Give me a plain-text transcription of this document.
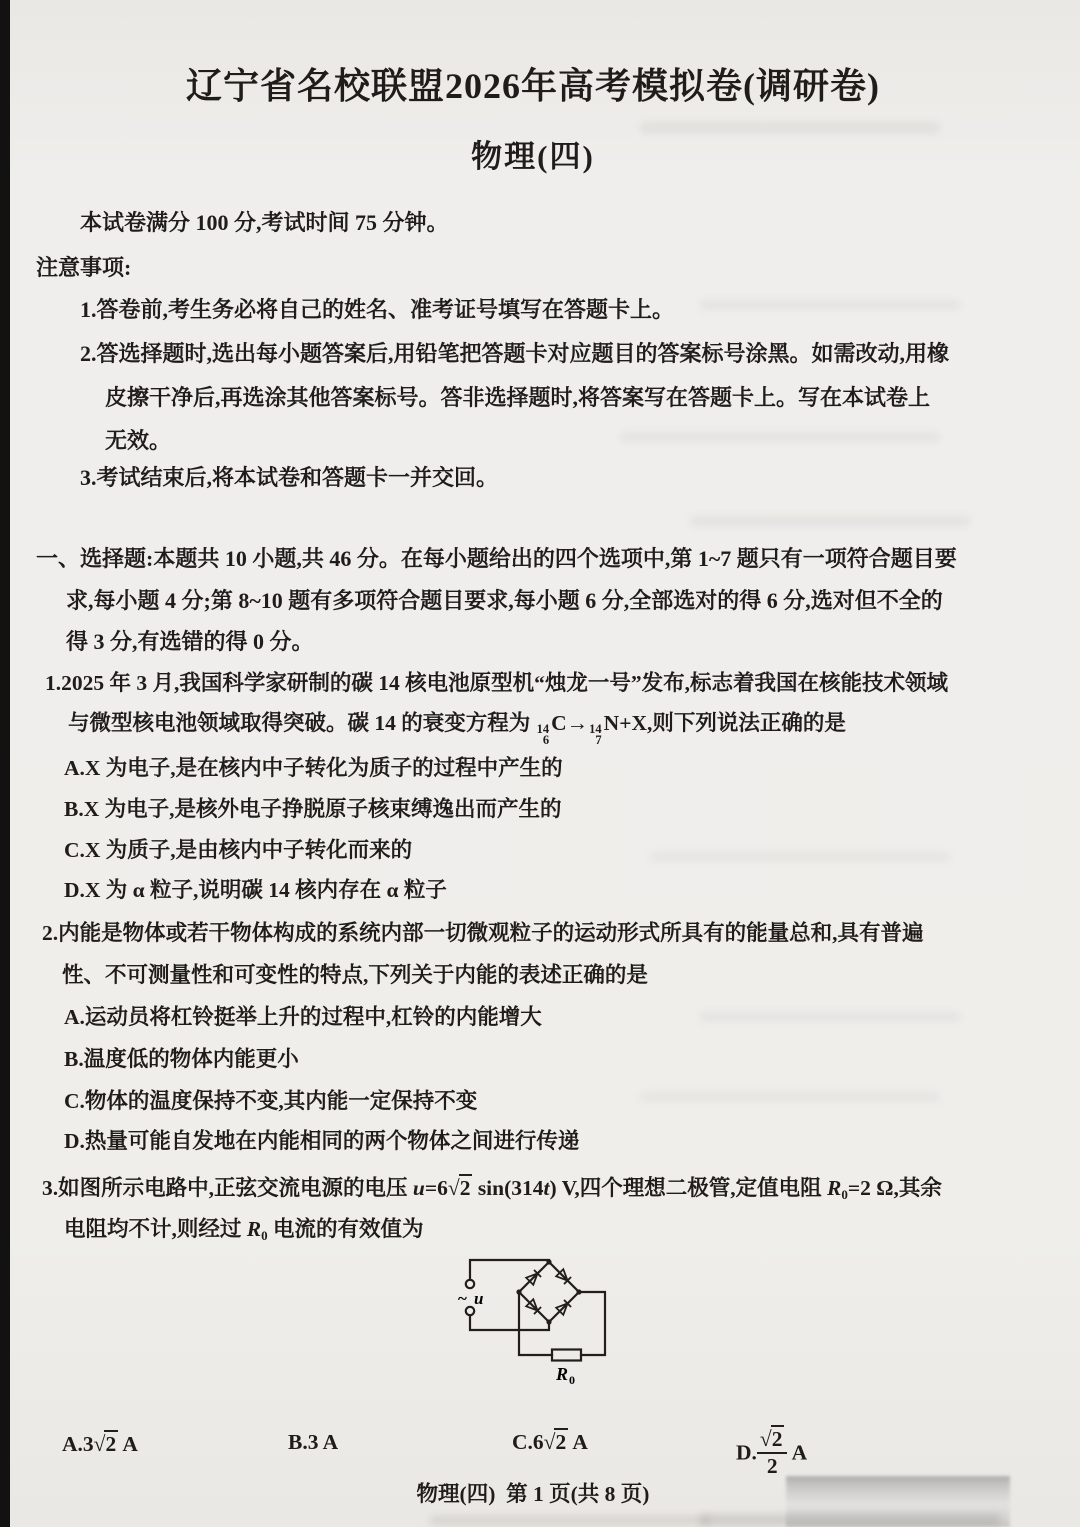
辽宁省名校联盟2026年高考模拟卷(调研卷)
物理(四)
本试卷满分 100 分,考试时间 75 分钟。
注意事项:
1.答卷前,考生务必将自己的姓名、准考证号填写在答题卡上。
2.答选择题时,选出每小题答案后,用铅笔把答题卡对应题目的答案标号涂黑。如需改动,用橡
皮擦干净后,再选涂其他答案标号。答非选择题时,将答案写在答题卡上。写在本试卷上
无效。
3.考试结束后,将本试卷和答题卡一并交回。
一、选择题:本题共 10 小题,共 46 分。在每小题给出的四个选项中,第 1~7 题只有一项符合题目要
求,每小题 4 分;第 8~10 题有多项符合题目要求,每小题 6 分,全部选对的得 6 分,选对但不全的
得 3 分,有选错的得 0 分。
1.2025 年 3 月,我国科学家研制的碳 14 核电池原型机“烛龙一号”发布,标志着我国在核能技术领域
与微型核电池领域取得突破。碳 14 的衰变方程为 14
6
C→ 14
7
N+X,则下列说法正确的是
A.X 为电子,是在核内中子转化为质子的过程中产生的
B.X 为电子,是核外电子挣脱原子核束缚逸出而产生的
C.X 为质子,是由核内中子转化而来的
D.X 为 α 粒子,说明碳 14 核内存在 α 粒子
2.内能是物体或若干物体构成的系统内部一切微观粒子的运动形式所具有的能量总和,具有普遍
性、不可测量性和可变性的特点,下列关于内能的表述正确的是
A.运动员将杠铃挺举上升的过程中,杠铃的内能增大
B.温度低的物体内能更小
C.物体的温度保持不变,其内能一定保持不变
D.热量可能自发地在内能相同的两个物体之间进行传递
3.如图所示电路中,正弦交流电源的电压 u=6√2 sin(314t) V,四个理想二极管,定值电阻 R0=2 Ω,其余
电阻均不计,则经过 R0 电流的有效值为
~ u
R 0
A.3√2 A	B.3 A	C.6√2 A	D. $\frac{√2}{2}$ A
物理(四) 第 1 页(共 8 页)
